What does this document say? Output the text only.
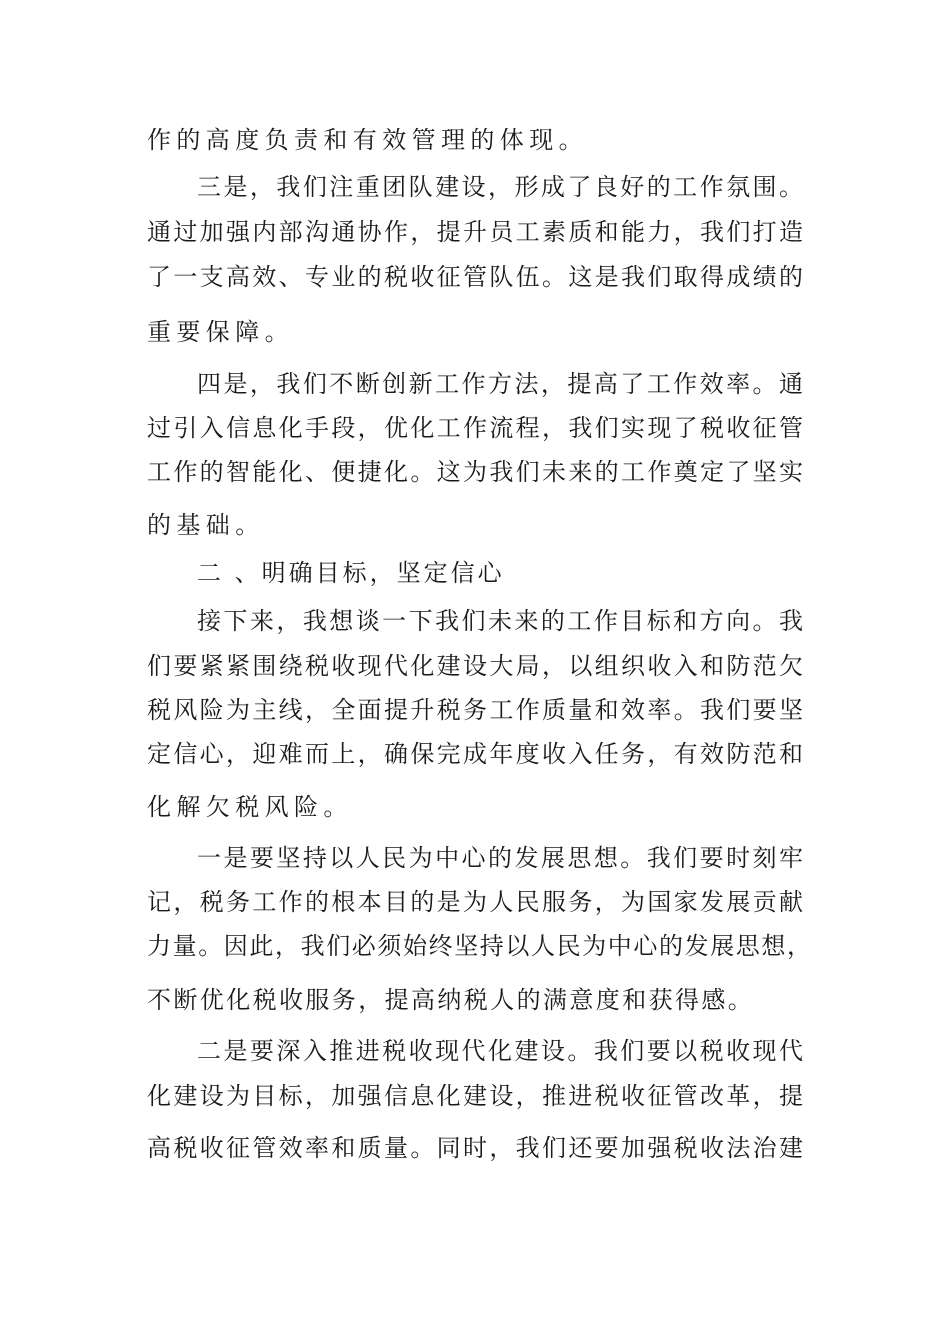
作的高度负责和有效管理的体现。
三是，我们注重团队建设，形成了良好的工作氛围。
通过加强内部沟通协作，提升员工素质和能力，我们打造
了一支高效、专业的税收征管队伍。这是我们取得成绩的
重要保障。
四是，我们不断创新工作方法，提高了工作效率。通
过引入信息化手段，优化工作流程，我们实现了税收征管
工作的智能化、便捷化。这为我们未来的工作奠定了坚实
的基础。
二 、明确目标，坚定信心
接下来，我想谈一下我们未来的工作目标和方向。我
们要紧紧围绕税收现代化建设大局，以组织收入和防范欠
税风险为主线，全面提升税务工作质量和效率。我们要坚
定信心，迎难而上，确保完成年度收入任务，有效防范和
化解欠税风险。
一是要坚持以人民为中心的发展思想。我们要时刻牢
记，税务工作的根本目的是为人民服务，为国家发展贡献
力量。因此，我们必须始终坚持以人民为中心的发展思想，
不断优化税收服务，提高纳税人的满意度和获得感。
二是要深入推进税收现代化建设。我们要以税收现代
化建设为目标，加强信息化建设，推进税收征管改革，提
高税收征管效率和质量。同时，我们还要加强税收法治建
